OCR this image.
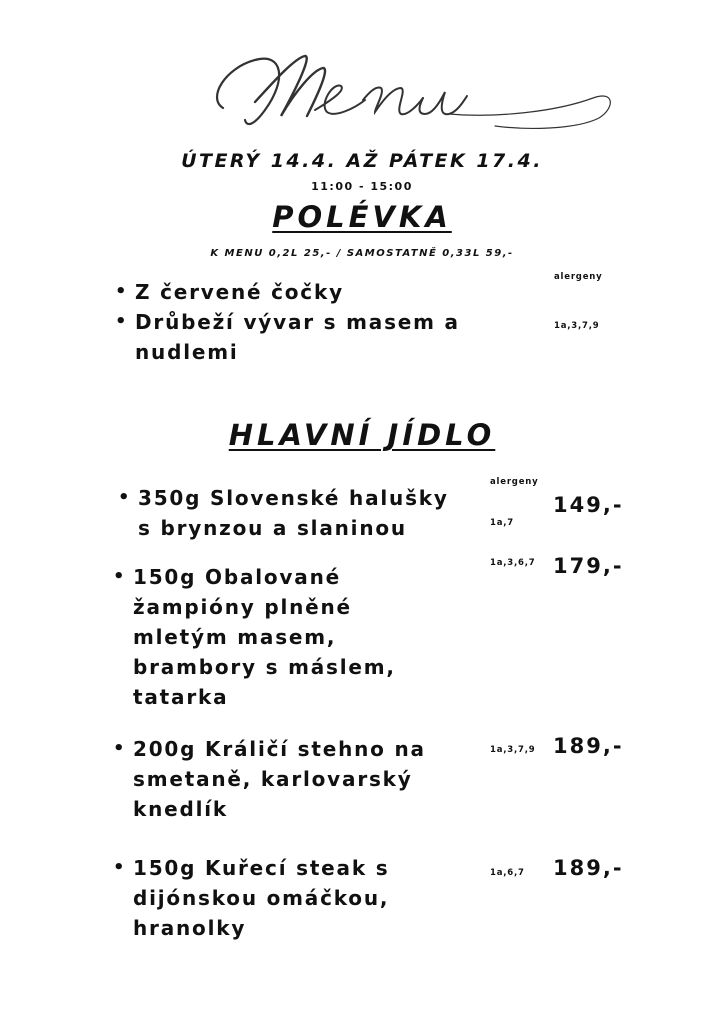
ÚTERÝ 14.4. AŽ PÁTEK 17.4.
11:00 - 15:00
POLÉVKA
K MENU 0,2L 25,- / SAMOSTATNĚ 0,33L 59,-
alergeny
• Z červené čočky
• Drůbeží vývar s masem a
nudlemi
1a,3,7,9
HLAVNÍ JÍDLO
alergeny
• 350g Slovenské halušky
s brynzou a slaninou	1a,7
149,-
• 150g Obalované
žampióny plněné
mletým masem,
brambory s máslem,
tatarka
1a,3,6,7 179,-
• 200g Králičí stehno na
smetaně, karlovarský
knedlík
1a,3,7,9 189,-
• 150g Kuřecí steak s
dijónskou omáčkou,
hranolky
1a,6,7 189,-
